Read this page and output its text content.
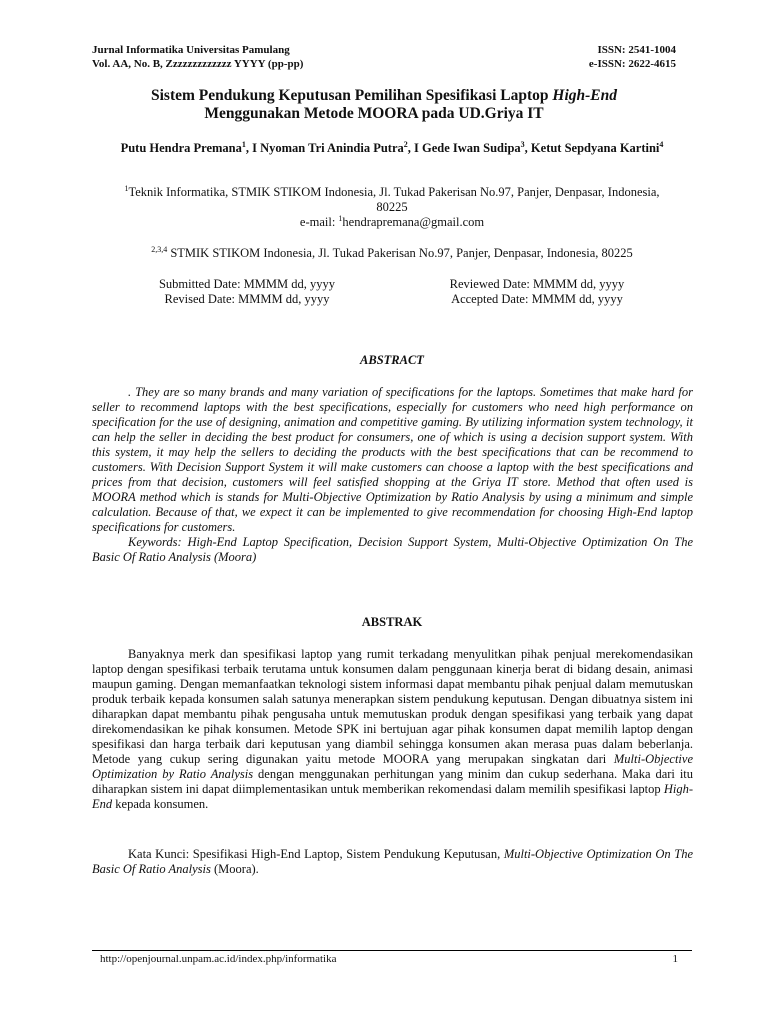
Jurnal Informatika Universitas Pamulang	ISSN: 2541-1004
Vol. AA, No. B, Zzzzzzzzzzzzz YYYY (pp-pp)	e-ISSN: 2622-4615
Sistem Pendukung Keputusan Pemilihan Spesifikasi Laptop High-End
Menggunakan Metode MOORA pada UD.Griya IT
Putu Hendra Premana$^1$, I Nyoman Tri Anindia Putra$^2$, I Gede Iwan Sudipa$^3$, Ketut Sepdyana Kartini$^4$
$^1$Teknik Informatika, STMIK STIKOM Indonesia, Jl. Tukad Pakerisan No.97, Panjer, Denpasar, Indonesia, 80225
e-mail: $^1$hendrapremana@gmail.com
$^{2,3,4}$ STMIK STIKOM Indonesia, Jl. Tukad Pakerisan No.97, Panjer, Denpasar, Indonesia, 80225
Submitted Date: MMMM dd, yyyy	Reviewed Date: MMMM dd, yyyy
Revised Date: MMMM dd, yyyy	Accepted Date: MMMM dd, yyyy
ABSTRACT

. They are so many brands and many variation of specifications for the laptops. Sometimes that make hard for seller to recommend laptops with the best specifications, especially for customers who need high performance on specification for the use of designing, animation and competitive gaming. By utilizing information system technology, it can help the seller in deciding the best product for consumers, one of which is using a decision support system. With this system, it may help the sellers to deciding the products with the best specifications that can be recommend to customers. With Decision Support System it will make customers can choose a laptop with the best specifications and prices from that decision, customers will feel satisfied shopping at the Griya IT store. Method that often used is MOORA method which is stands for Multi-Objective Optimization by Ratio Analysis by using a minimum and simple calculation. Because of that, we expect it can be implemented to give recommendation for choosing High-End laptop specifications for customers.

Keywords: High-End Laptop Specification, Decision Support System, Multi-Objective Optimization On The Basic Of Ratio Analysis (Moora)

ABSTRAK

Banyaknya merk dan spesifikasi laptop yang rumit terkadang menyulitkan pihak penjual merekomendasikan laptop dengan spesifikasi terbaik terutama untuk konsumen dalam penggunaan kinerja berat di bidang desain, animasi maupun gaming. Dengan memanfaatkan teknologi sistem informasi dapat membantu pihak penjual dalam memutuskan produk terbaik kepada konsumen salah satunya menerapkan sistem pendukung keputusan. Dengan dibuatnya sistem ini diharapkan dapat membantu pihak pengusaha untuk memutuskan produk dengan spesifikasi yang terbaik yang dapat direkomendasikan ke pihak konsumen. Metode SPK ini bertujuan agar pihak konsumen dapat memilih laptop dengan spesifikasi dan harga terbaik dari keputusan yang diambil sehingga konsumen akan merasa puas dalam beberlanja. Metode yang cukup sering digunakan yaitu metode MOORA yang merupakan singkatan dari Multi-Objective Optimization by Ratio Analysis dengan menggunakan perhitungan yang minim dan cukup sederhana. Maka dari itu diharapkan sistem ini dapat diimplementasikan untuk memberikan rekomendasi dalam memilih spesifikasi laptop High-End kepada konsumen.

Kata Kunci: Spesifikasi High-End Laptop, Sistem Pendukung Keputusan, Multi-Objective Optimization On The Basic Of Ratio Analysis (Moora).

http://openjournal.unpam.ac.id/index.php/informatika	1
